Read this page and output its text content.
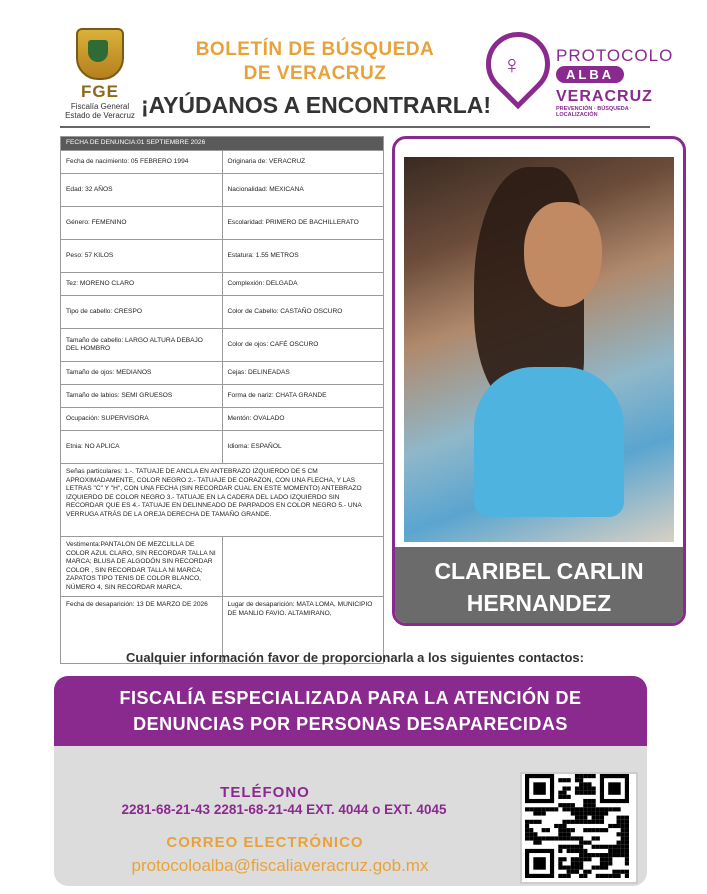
FGE
Fiscalía General
Estado de Veracruz
BOLETÍN DE BÚSQUEDA
DE VERACRUZ
¡AYÚDANOS A ENCONTRARLA!
♀ PROTOCOLO
ALBA
VERACRUZ
PREVENCIÓN · BÚSQUEDA · LOCALIZACIÓN
FECHA DE DENUNCIA:01 SEPTIEMBRE 2026	
Fecha de nacimiento: 05 FEBRERO 1994	Originaria de: VERACRUZ
Edad: 32 AÑOS	Nacionalidad: MEXICANA
Género: FEMENINO	Escolaridad: PRIMERO DE BACHILLERATO
Peso: 57 KILOS	Estatura: 1.55 METROS
Tez: MORENO CLARO	Complexión: DELGADA
Tipo de cabello: CRESPO	Color de Cabello: CASTAÑO OSCURO
Tamaño de cabello: LARGO ALTURA DEBAJO DEL HOMBRO	Color de ojos: CAFÉ OSCURO
Tamaño de ojos: MEDIANOS	Cejas: DELINEADAS
Tamaño de labios: SEMI GRUESOS	Forma de nariz: CHATA GRANDE
Ocupación: SUPERVISORA	Mentón: OVALADO
Etnia: NO APLICA	Idioma: ESPAÑOL
Señas particulares: 1.-. TATUAJE DE ANCLA EN ANTEBRAZO IZQUIERDO DE 5 CM APROXIMADAMENTE, COLOR NEGRO 2.- TATUAJE DE CORAZON, CON UNA FLECHA, Y LAS LETRAS "C" Y "H", CON UNA FECHA (SIN RECORDAR CUAL EN ESTE MOMENTO) ANTEBRAZO IZQUIERDO DE COLOR NEGRO 3.- TATUAJE EN LA CADERA DEL LADO IZQUIERDO SIN RECORDAR QUE ES 4.- TATUAJE EN DELINNEADO DE PARPADOS EN COLOR NEGRO 5.- UNA VERRUGA ATRÁS DE LA OREJA DERECHA DE TAMAÑO GRANDE.	
Vestimenta:PANTALON DE MEZCLILLA DE COLOR AZUL CLARO, SIN RECORDAR TALLA NI MARCA; BLUSA DE ALGODÓN SIN RECORDAR COLOR , SIN RECORDAR TALLA NI MARCA; ZAPATOS TIPO TENIS DE COLOR BLANCO, NÚMERO 4, SIN RECORDAR MARCA.	
Fecha de desaparición: 13 DE MARZO DE 2026	Lugar de desaparición: MATA LOMA, MUNICIPIO DE MANLIO FAVIO. ALTAMIRANO,
CLARIBEL CARLIN
HERNANDEZ
Cualquier información favor de proporcionarla a los siguientes contactos:
FISCALÍA ESPECIALIZADA PARA LA ATENCIÓN DE
DENUNCIAS POR PERSONAS DESAPARECIDAS
TELÉFONO
2281-68-21-43 2281-68-21-44 EXT. 4044 o EXT. 4045
CORREO ELECTRÓNICO
protocoloalba@fiscaliaveracruz.gob.mx
